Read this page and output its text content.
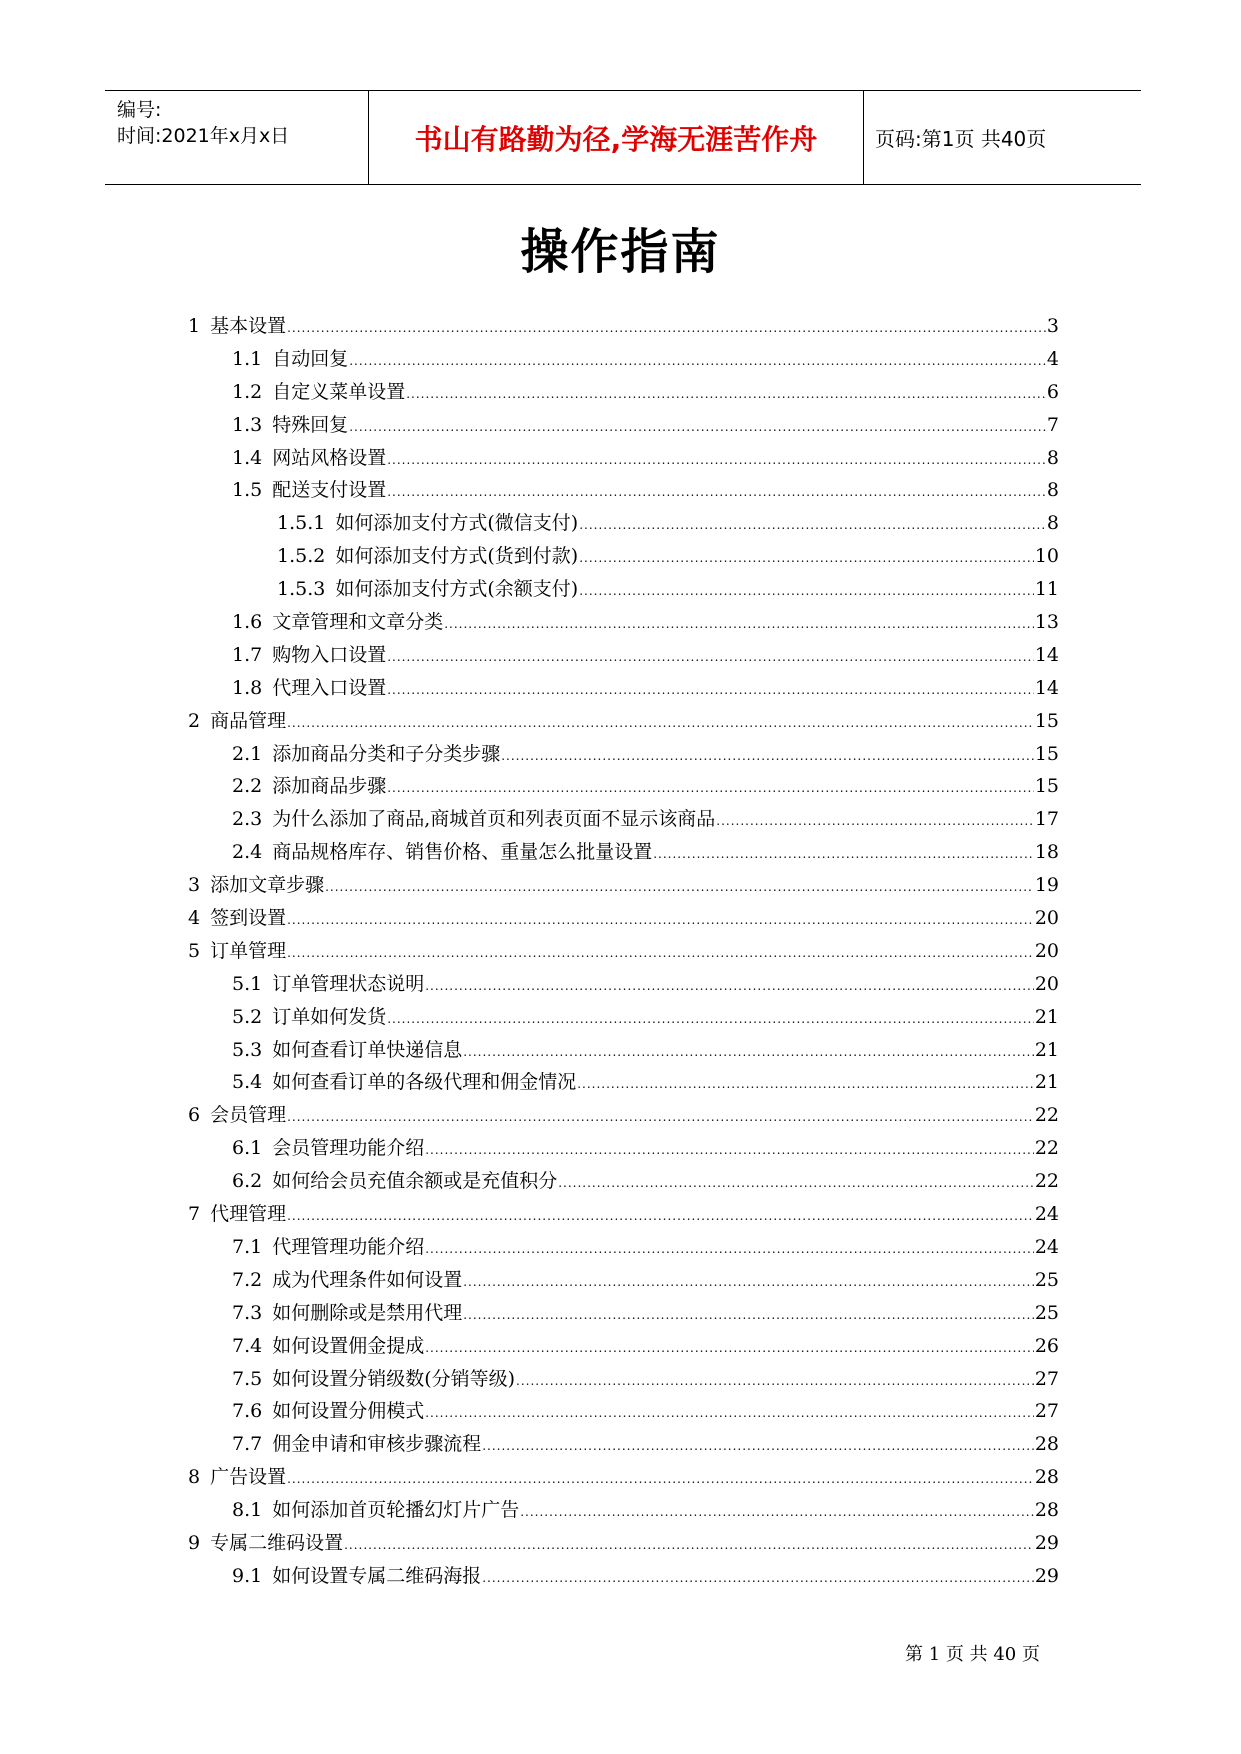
编号:
时间:2021年x月x日	书山有路勤为径,学海无涯苦作舟	页码:第1页 共40页
操作指南
1 基本设置 .....	3
1.1 自动回复 .....	4
1.2 自定义菜单设置 .....	6
1.3 特殊回复 .....	7
1.4 网站风格设置 .....	8
1.5 配送支付设置 .....	8
1.5.1 如何添加支付方式(微信支付) .....	8
1.5.2 如何添加支付方式(货到付款) .....	10
1.5.3 如何添加支付方式(余额支付) .....	11
1.6 文章管理和文章分类 .....	13
1.7 购物入口设置 .....	14
1.8 代理入口设置 .....	14
2 商品管理 .....	15
2.1 添加商品分类和子分类步骤 .....	15
2.2 添加商品步骤 .....	15
2.3 为什么添加了商品,商城首页和列表页面不显示该商品 .....	17
2.4 商品规格库存、销售价格、重量怎么批量设置 .....	18
3 添加文章步骤 .....	19
4 签到设置 .....	20
5 订单管理 .....	20
5.1 订单管理状态说明 .....	20
5.2 订单如何发货 .....	21
5.3 如何查看订单快递信息 .....	21
5.4 如何查看订单的各级代理和佣金情况 .....	21
6 会员管理 .....	22
6.1 会员管理功能介绍 .....	22
6.2 如何给会员充值余额或是充值积分 .....	22
7 代理管理 .....	24
7.1 代理管理功能介绍 .....	24
7.2 成为代理条件如何设置 .....	25
7.3 如何删除或是禁用代理 .....	25
7.4 如何设置佣金提成 .....	26
7.5 如何设置分销级数(分销等级) .....	27
7.6 如何设置分佣模式 .....	27
7.7 佣金申请和审核步骤流程 .....	28
8 广告设置 .....	28
8.1 如何添加首页轮播幻灯片广告 .....	28
9 专属二维码设置 .....	29
9.1 如何设置专属二维码海报 .....	29
第 1 页 共 40 页
